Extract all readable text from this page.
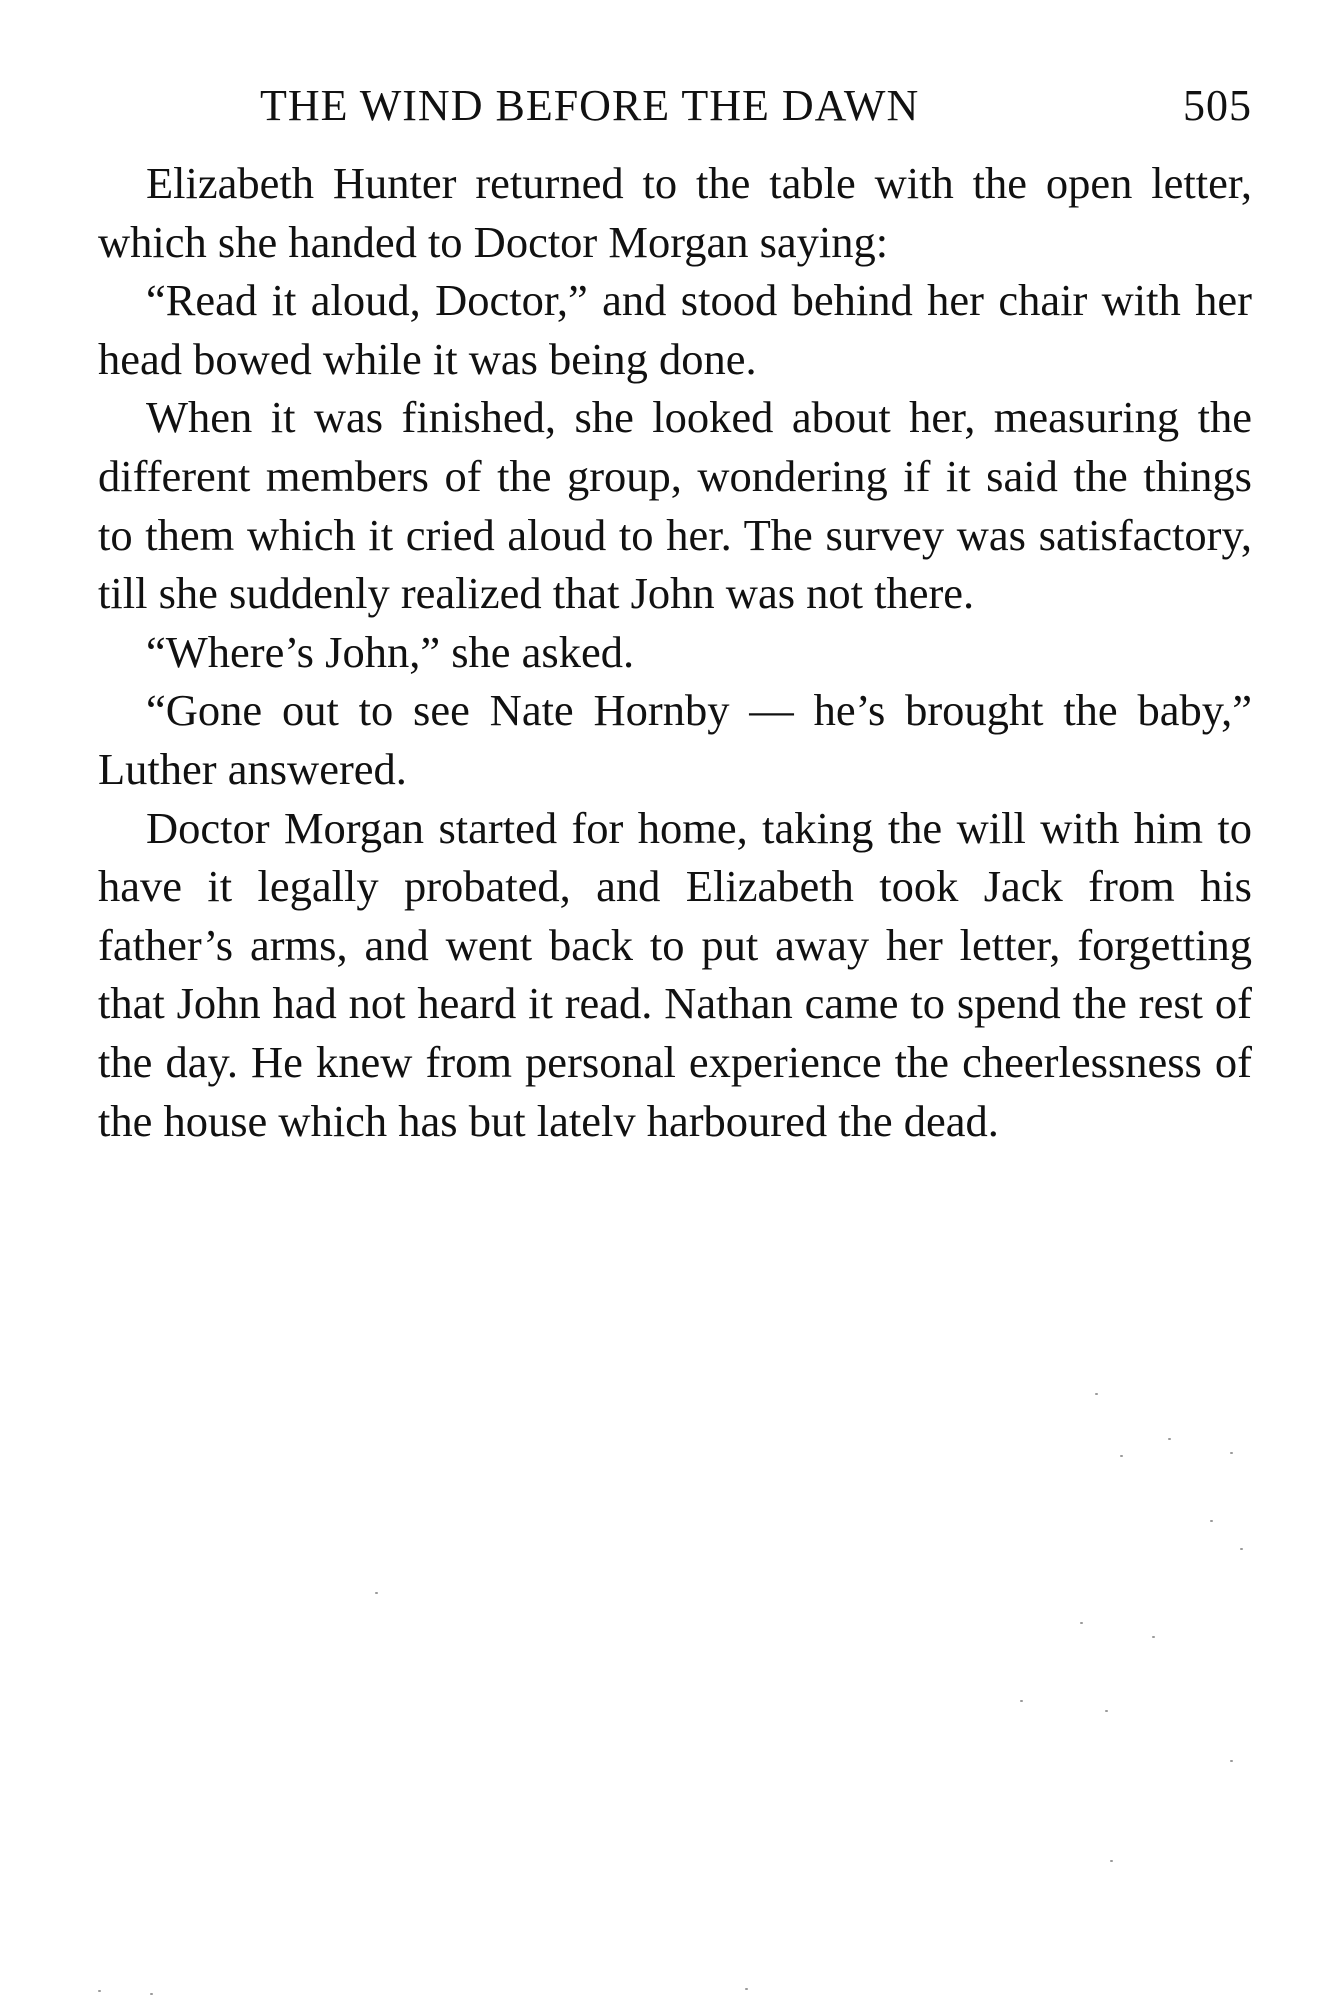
THE WIND BEFORE THE DAWN	505

Elizabeth Hunter returned to the table with the open letter, which she handed to Doctor Morgan saying:

“Read it aloud, Doctor,” and stood behind her chair with her head bowed while it was being done.

When it was finished, she looked about her, measuring the different members of the group, wondering if it said the things to them which it cried aloud to her. The survey was satisfactory, till she suddenly realized that John was not there.

“Where’s John,” she asked.

“Gone out to see Nate Hornby — he’s brought the baby,” Luther answered.

Doctor Morgan started for home, taking the will with him to have it legally probated, and Elizabeth took Jack from his father’s arms, and went back to put away her letter, forgetting that John had not heard it read. Nathan came to spend the rest of the day. He knew from personal experience the cheerlessness of the house which has but latelv harboured the dead.
